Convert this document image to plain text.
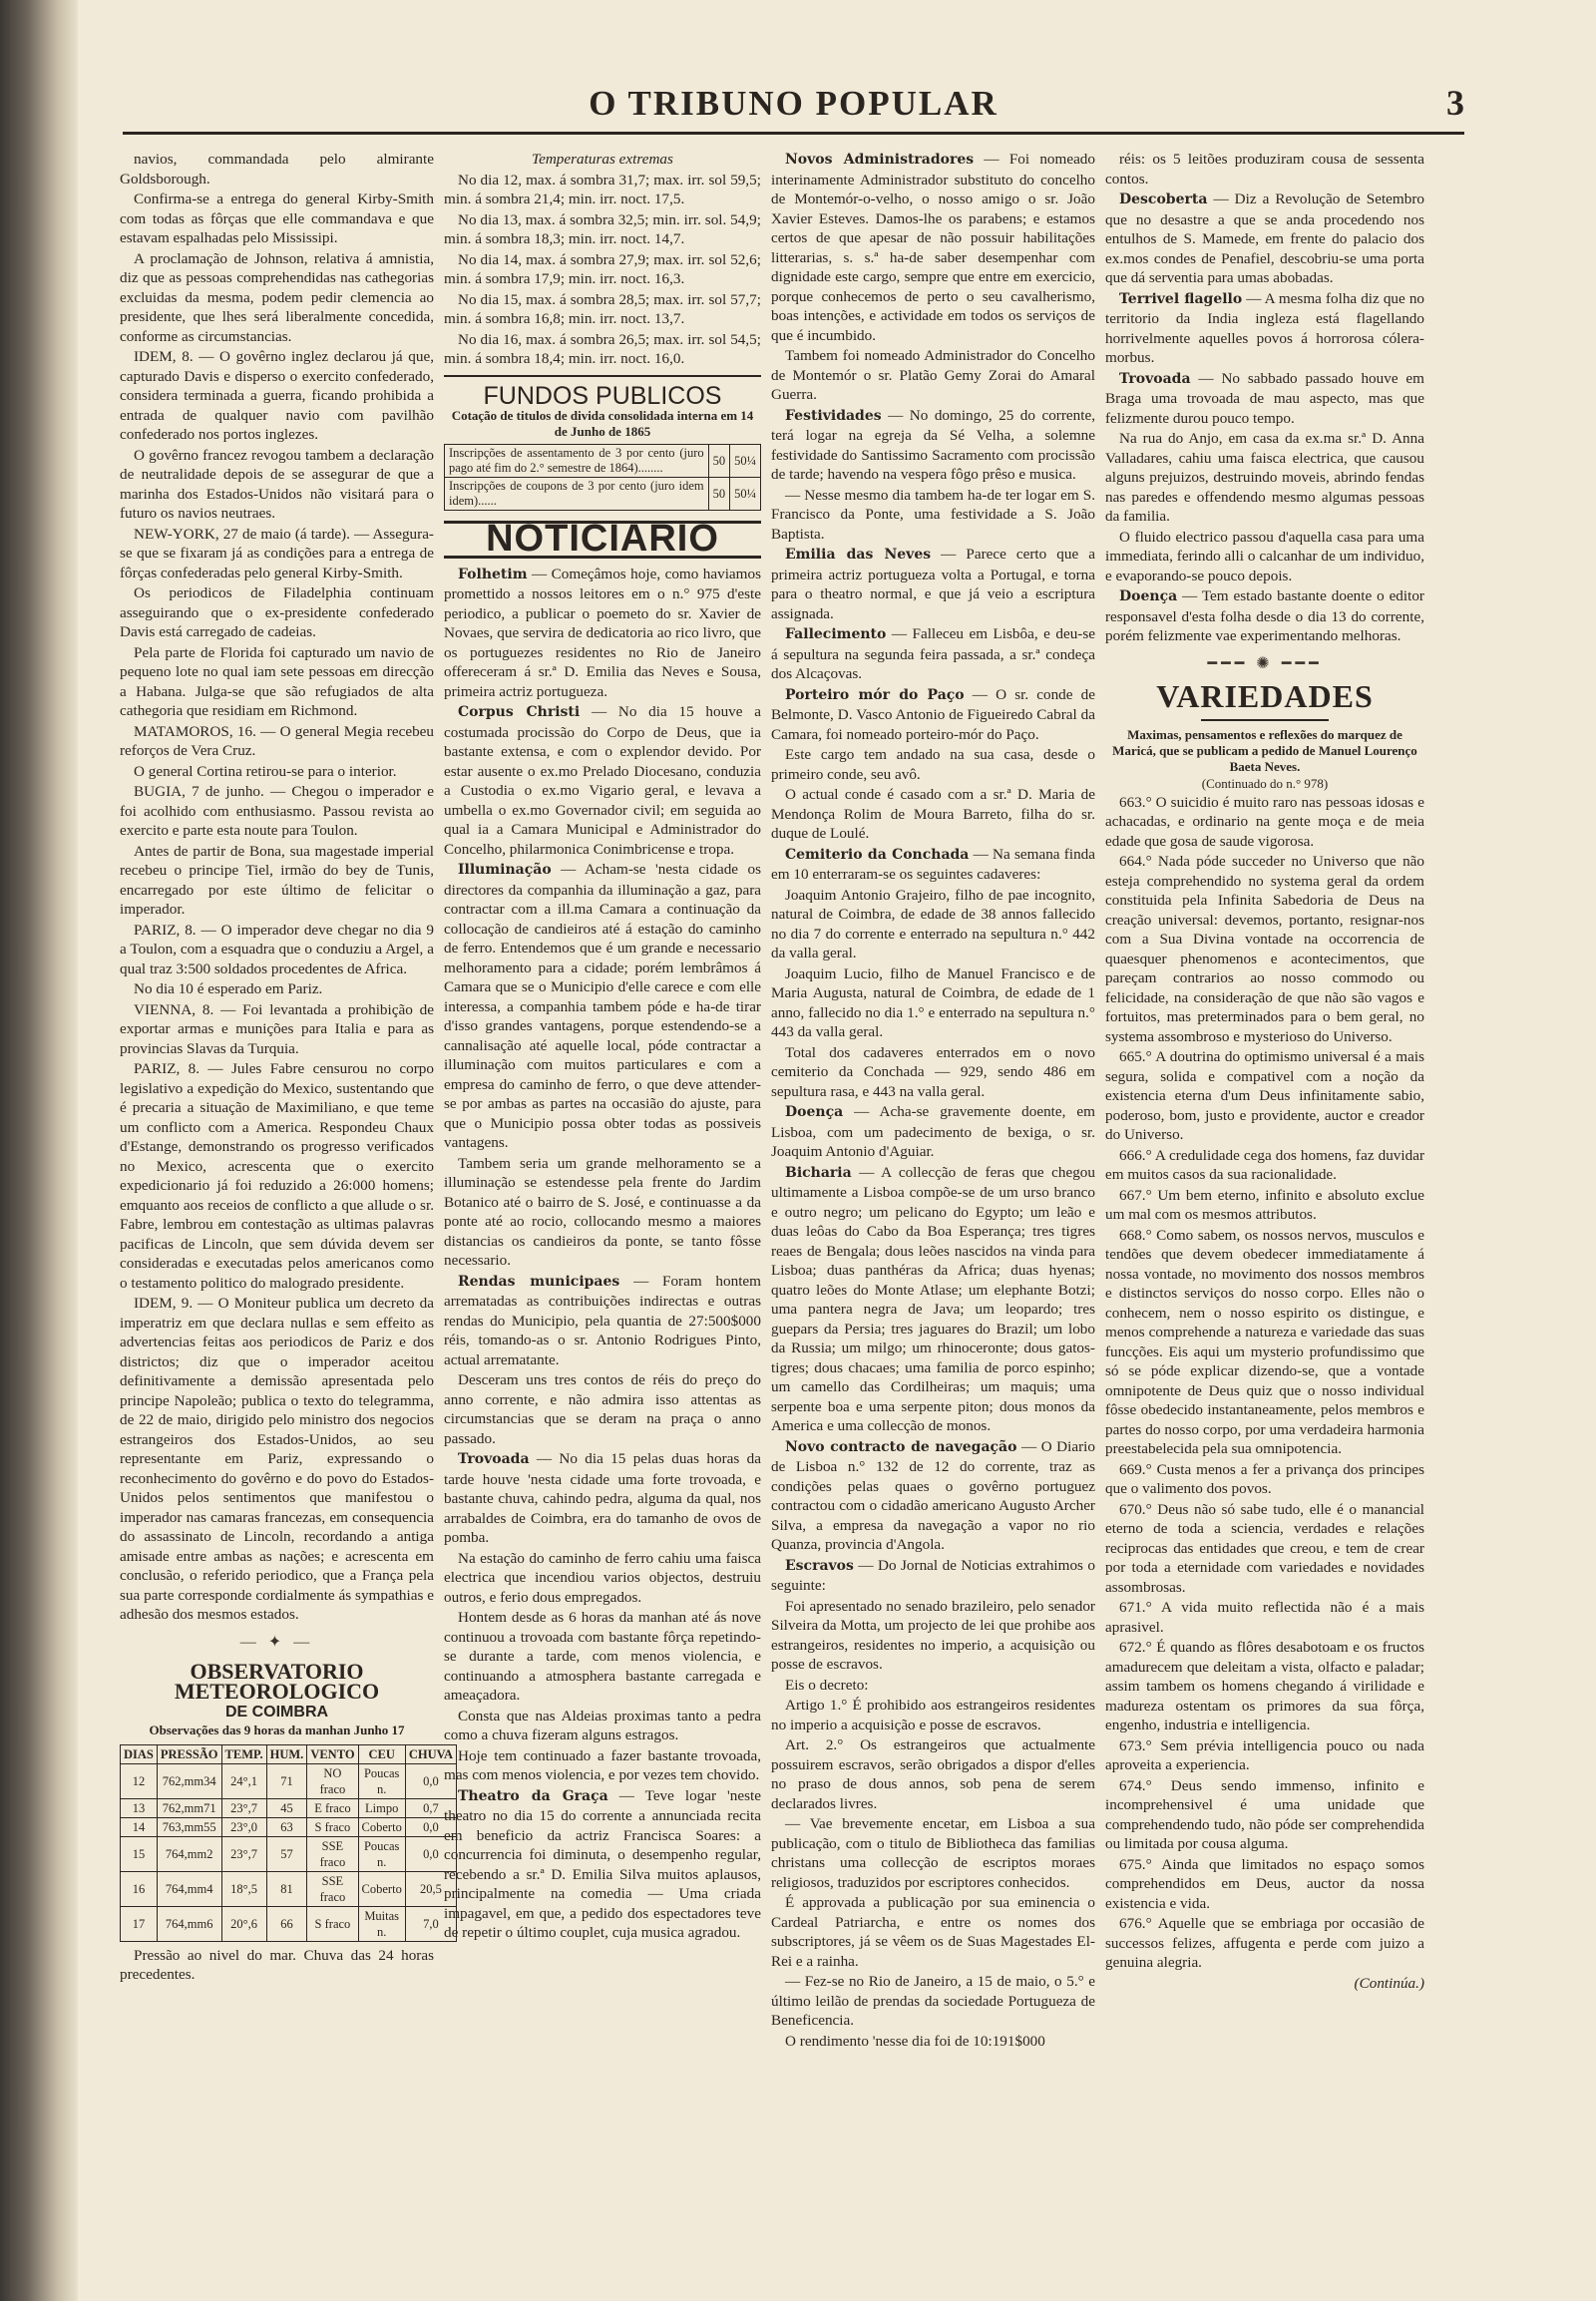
O TRIBUNO POPULAR	3

navios, commandada pelo almirante Goldsborough.

Confirma-se a entrega do general Kirby-Smith com todas as fôrças que elle commandava e que estavam espalhadas pelo Mississipi.

A proclamação de Johnson, relativa á amnistia, diz que as pessoas comprehendidas nas cathegorias excluidas da mesma, podem pedir clemencia ao presidente, que lhes será liberalmente concedida, conforme as circumstancias.

IDEM, 8. — O govêrno inglez declarou já que, capturado Davis e disperso o exercito confederado, considera terminada a guerra, ficando prohibida a entrada de qualquer navio com pavilhão confederado nos portos inglezes.

O govêrno francez revogou tambem a declaração de neutralidade depois de se assegurar de que a marinha dos Estados-Unidos não visitará para o futuro os navios neutraes.

NEW-YORK, 27 de maio (á tarde). — Assegura-se que se fixaram já as condições para a entrega de fôrças confederadas pelo general Kirby-Smith.

Os periodicos de Filadelphia continuam asseguirando que o ex-presidente confederado Davis está carregado de cadeias.

Pela parte de Florida foi capturado um navio de pequeno lote no qual iam sete pessoas em direcção a Habana. Julga-se que são refugiados de alta cathegoria que residiam em Richmond.

MATAMOROS, 16. — O general Megia recebeu reforços de Vera Cruz.

O general Cortina retirou-se para o interior.

BUGIA, 7 de junho. — Chegou o imperador e foi acolhido com enthusiasmo. Passou revista ao exercito e parte esta noute para Toulon.

Antes de partir de Bona, sua magestade imperial recebeu o principe Tiel, irmão do bey de Tunis, encarregado por este último de felicitar o imperador.

PARIZ, 8. — O imperador deve chegar no dia 9 a Toulon, com a esquadra que o conduziu a Argel, a qual traz 3:500 soldados procedentes de Africa.

No dia 10 é esperado em Pariz.

VIENNA, 8. — Foi levantada a prohibição de exportar armas e munições para Italia e para as provincias Slavas da Turquia.

PARIZ, 8. — Jules Fabre censurou no corpo legislativo a expedição do Mexico, sustentando que é precaria a situação de Maximiliano, e que teme um conflicto com a America. Respondeu Chaux d'Estange, demonstrando os progresso verificados no Mexico, acrescenta que o exercito expedicionario já foi reduzido a 26:000 homens; emquanto aos receios de conflicto a que allude o sr. Fabre, lembrou em contestação as ultimas palavras pacificas de Lincoln, que sem dúvida devem ser consideradas e executadas pelos americanos como o testamento politico do malogrado presidente.

IDEM, 9. — O Moniteur publica um decreto da imperatriz em que declara nullas e sem effeito as advertencias feitas aos periodicos de Pariz e dos districtos; diz que o imperador aceitou definitivamente a demissão apresentada pelo principe Napoleão; publica o texto do telegramma, de 22 de maio, dirigido pelo ministro dos negocios estrangeiros dos Estados-Unidos, ao seu representante em Pariz, expressando o reconhecimento do govêrno e do povo do Estados-Unidos pelos sentimentos que manifestou o imperador nas camaras francezas, em consequencia do assassinato de Lincoln, recordando a antiga amisade entre ambas as nações; e acrescenta em conclusão, o referido periodico, que a França pela sua parte corresponde cordialmente ás sympathias e adhesão dos mesmos estados.

— ✦ —
OBSERVATORIO METEOROLOGICO
DE COIMBRA
Observações das 9 horas da manhan Junho 17
DIAS	PRESSÃO	TEMP.	HUM.	VENTO	CEU	CHUVA
12	762,mm34	24°,1	71	NO fraco	Poucas n.	0,0
13	762,mm71	23°,7	45	E fraco	Limpo	0,7
14	763,mm55	23°,0	63	S fraco	Coberto	0,0
15	764,mm2	23°,7	57	SSE fraco	Poucas n.	0,0
16	764,mm4	18°,5	81	SSE fraco	Coberto	20,5
17	764,mm6	20°,6	66	S fraco	Muitas n.	7,0

Pressão ao nivel do mar. Chuva das 24 horas precedentes.

Temperaturas extremas

No dia 12, max. á sombra 31,7; max. irr. sol 59,5; min. á sombra 21,4; min. irr. noct. 17,5.

No dia 13, max. á sombra 32,5; min. irr. sol. 54,9; min. á sombra 18,3; min. irr. noct. 14,7.

No dia 14, max. á sombra 27,9; max. irr. sol 52,6; min. á sombra 17,9; min. irr. noct. 16,3.

No dia 15, max. á sombra 28,5; max. irr. sol 57,7; min. á sombra 16,8; min. irr. noct. 13,7.

No dia 16, max. á sombra 26,5; max. irr. sol 54,5; min. á sombra 18,4; min. irr. noct. 16,0.

FUNDOS PUBLICOS

Cotação de titulos de divida consolidada interna em 14 de Junho de 1865

Inscripções de assentamento de 3 por cento (juro pago até fim do 2.° semestre de 1864)........	50	50¼
Inscripções de coupons de 3 por cento (juro idem idem)......	50	50¼
NOTICIARIO

Folhetim — Começâmos hoje, como haviamos promettido a nossos leitores em o n.° 975 d'este periodico, a publicar o poemeto do sr. Xavier de Novaes, que servira de dedicatoria ao rico livro, que os portuguezes residentes no Rio de Janeiro offereceram á sr.ª D. Emilia das Neves e Sousa, primeira actriz portugueza.

Corpus Christi — No dia 15 houve a costumada procissão do Corpo de Deus, que ia bastante extensa, e com o explendor devido. Por estar ausente o ex.mo Prelado Diocesano, conduzia a Custodia o ex.mo Vigario geral, e levava a umbella o ex.mo Governador civil; em seguida ao qual ia a Camara Municipal e Administrador do Concelho, philarmonica Conimbricense e tropa.

Illuminação — Acham-se 'nesta cidade os directores da companhia da illuminação a gaz, para contractar com a ill.ma Camara a continuação da collocação de candieiros até á estação do caminho de ferro. Entendemos que é um grande e necessario melhoramento para a cidade; porém lembrâmos á Camara que se o Municipio d'elle carece e com elle interessa, a companhia tambem póde e ha-de tirar d'isso grandes vantagens, porque estendendo-se a cannalisação até aquelle local, póde contractar a illuminação com muitos particulares e com a empresa do caminho de ferro, o que deve attender-se por ambas as partes na occasião do ajuste, para que o Municipio possa obter todas as possiveis vantagens.

Tambem seria um grande melhoramento se a illuminação se estendesse pela frente do Jardim Botanico até o bairro de S. José, e continuasse a da ponte até ao rocio, collocando mesmo a maiores distancias os candieiros da ponte, se tanto fôsse necessario.

Rendas municipaes — Foram hontem arrematadas as contribuições indirectas e outras rendas do Municipio, pela quantia de 27:500$000 réis, tomando-as o sr. Antonio Rodrigues Pinto, actual arrematante.

Desceram uns tres contos de réis do preço do anno corrente, e não admira isso attentas as circumstancias que se deram na praça o anno passado.

Trovoada — No dia 15 pelas duas horas da tarde houve 'nesta cidade uma forte trovoada, e bastante chuva, cahindo pedra, alguma da qual, nos arrabaldes de Coimbra, era do tamanho de ovos de pomba.

Na estação do caminho de ferro cahiu uma faisca electrica que incendiou varios objectos, destruiu outros, e ferio dous empregados.

Hontem desde as 6 horas da manhan até ás nove continuou a trovoada com bastante fôrça repetindo-se durante a tarde, com menos violencia, e continuando a atmosphera bastante carregada e ameaçadora.

Consta que nas Aldeias proximas tanto a pedra como a chuva fizeram alguns estragos.

Hoje tem continuado a fazer bastante trovoada, mas com menos violencia, e por vezes tem chovido.

Theatro da Graça — Teve logar 'neste theatro no dia 15 do corrente a annunciada recita em beneficio da actriz Francisca Soares: a concurrencia foi diminuta, o desempenho regular, recebendo a sr.ª D. Emilia Silva muitos aplausos, principalmente na comedia — Uma criada impagavel, em que, a pedido dos espectadores teve de repetir o último couplet, cuja musica agradou.

Novos Administradores — Foi nomeado interinamente Administrador substituto do concelho de Montemór-o-velho, o nosso amigo o sr. João Xavier Esteves. Damos-lhe os parabens; e estamos certos de que apesar de não possuir habilitações litterarias, s. s.ª ha-de saber desempenhar com dignidade este cargo, sempre que entre em exercicio, porque conhecemos de perto o seu cavalherismo, boas intenções, e actividade em todos os serviços de que é incumbido.

Tambem foi nomeado Administrador do Concelho de Montemór o sr. Platão Gemy Zorai do Amaral Guerra.

Festividades — No domingo, 25 do corrente, terá logar na egreja da Sé Velha, a solemne festividade do Santissimo Sacramento com procissão de tarde; havendo na vespera fôgo prêso e musica.

— Nesse mesmo dia tambem ha-de ter logar em S. Francisco da Ponte, uma festividade a S. João Baptista.

Emilia das Neves — Parece certo que a primeira actriz portugueza volta a Portugal, e torna para o theatro normal, e que já veio a escriptura assignada.

Fallecimento — Falleceu em Lisbôa, e deu-se á sepultura na segunda feira passada, a sr.ª condeça dos Alcaçovas.

Porteiro mór do Paço — O sr. conde de Belmonte, D. Vasco Antonio de Figueiredo Cabral da Camara, foi nomeado porteiro-mór do Paço.

Este cargo tem andado na sua casa, desde o primeiro conde, seu avô.

O actual conde é casado com a sr.ª D. Maria de Mendonça Rolim de Moura Barreto, filha do sr. duque de Loulé.

Cemiterio da Conchada — Na semana finda em 10 enterraram-se os seguintes cadaveres:

Joaquim Antonio Grajeiro, filho de pae incognito, natural de Coimbra, de edade de 38 annos fallecido no dia 7 do corrente e enterrado na sepultura n.° 442 da valla geral.

Joaquim Lucio, filho de Manuel Francisco e de Maria Augusta, natural de Coimbra, de edade de 1 anno, fallecido no dia 1.° e enterrado na sepultura n.° 443 da valla geral.

Total dos cadaveres enterrados em o novo cemiterio da Conchada — 929, sendo 486 em sepultura rasa, e 443 na valla geral.

Doença — Acha-se gravemente doente, em Lisboa, com um padecimento de bexiga, o sr. Joaquim Antonio d'Aguiar.

Bicharia — A collecção de feras que chegou ultimamente a Lisboa compõe-se de um urso branco e outro negro; um pelicano do Egypto; um leão e duas leôas do Cabo da Boa Esperança; tres tigres reaes de Bengala; dous leões nascidos na vinda para Lisboa; duas panthéras da Africa; duas hyenas; quatro leões do Monte Atlase; um elephante Botzi; uma pantera negra de Java; um leopardo; tres guepars da Persia; tres jaguares do Brazil; um lobo da Russia; um milgo; um rhinoceronte; dous gatos-tigres; dous chacaes; uma familia de porco espinho; um camello das Cordilheiras; um maquis; uma serpente boa e uma serpente piton; dous monos da America e uma collecção de monos.

Novo contracto de navegação — O Diario de Lisboa n.° 132 de 12 do corrente, traz as condições pelas quaes o govêrno portuguez contractou com o cidadão americano Augusto Archer Silva, a empresa da navegação a vapor no rio Quanza, provincia d'Angola.

Escravos — Do Jornal de Noticias extrahimos o seguinte:

Foi apresentado no senado brazileiro, pelo senador Silveira da Motta, um projecto de lei que prohibe aos estrangeiros, residentes no imperio, a acquisição ou posse de escravos.

Eis o decreto:

Artigo 1.° É prohibido aos estrangeiros residentes no imperio a acquisição e posse de escravos.

Art. 2.° Os estrangeiros que actualmente possuirem escravos, serão obrigados a dispor d'elles no praso de dous annos, sob pena de serem declarados livres.

— Vae brevemente encetar, em Lisboa a sua publicação, com o titulo de Bibliotheca das familias christans uma collecção de escriptos moraes religiosos, traduzidos por escriptores conhecidos.

É approvada a publicação por sua eminencia o Cardeal Patriarcha, e entre os nomes dos subscriptores, já se vêem os de Suas Magestades El-Rei e a rainha.

— Fez-se no Rio de Janeiro, a 15 de maio, o 5.° e último leilão de prendas da sociedade Portugueza de Beneficencia.

O rendimento 'nesse dia foi de 10:191$000

réis: os 5 leitões produziram cousa de sessenta contos.

Descoberta — Diz a Revolução de Setembro que no desastre a que se anda procedendo nos entulhos de S. Mamede, em frente do palacio dos ex.mos condes de Penafiel, descobriu-se uma porta que dá serventia para umas abobadas.

Terrivel flagello — A mesma folha diz que no territorio da India ingleza está flagellando horrivelmente aquelles povos á horrorosa cólera-morbus.

Trovoada — No sabbado passado houve em Braga uma trovoada de mau aspecto, mas que felizmente durou pouco tempo.

Na rua do Anjo, em casa da ex.ma sr.ª D. Anna Valladares, cahiu uma faisca electrica, que causou alguns prejuizos, destruindo moveis, abrindo fendas nas paredes e offendendo mesmo algumas pessoas da familia.

O fluido electrico passou d'aquella casa para uma immediata, ferindo alli o calcanhar de um individuo, e evaporando-se pouco depois.

Doença — Tem estado bastante doente o editor responsavel d'esta folha desde o dia 13 do corrente, porém felizmente vae experimentando melhoras.

━━━ ✺ ━━━
VARIEDADES

Maximas, pensamentos e reflexões do marquez de Maricá, que se publicam a pedido de Manuel Lourenço Baeta Neves.

(Continuado do n.° 978)

663.° O suicidio é muito raro nas pessoas idosas e achacadas, e ordinario na gente moça e de meia edade que gosa de saude vigorosa.

664.° Nada póde succeder no Universo que não esteja comprehendido no systema geral da ordem constituida pela Infinita Sabedoria de Deus na creação universal: devemos, portanto, resignar-nos com a Sua Divina vontade na occorrencia de quaesquer phenomenos e acontecimentos, que pareçam contrarios ao nosso commodo ou felicidade, na consideração de que não são vagos e fortuitos, mas preterminados para o bem geral, no systema assombroso e mysterioso do Universo.

665.° A doutrina do optimismo universal é a mais segura, solida e compativel com a noção da existencia eterna d'um Deus infinitamente sabio, poderoso, bom, justo e providente, auctor e creador do Universo.

666.° A credulidade cega dos homens, faz duvidar em muitos casos da sua racionalidade.

667.° Um bem eterno, infinito e absoluto exclue um mal com os mesmos attributos.

668.° Como sabem, os nossos nervos, musculos e tendões que devem obedecer immediatamente á nossa vontade, no movimento dos nossos membros e distinctos serviços do nosso corpo. Elles não o conhecem, nem o nosso espirito os distingue, e menos comprehende a natureza e variedade das suas funcções. Eis aqui um mysterio profundissimo que só se póde explicar dizendo-se, que a vontade omnipotente de Deus quiz que o nosso individual fôsse obedecido instantaneamente, pelos membros e partes do nosso corpo, por uma verdadeira harmonia preestabelecida pela sua omnipotencia.

669.° Custa menos a fer a privança dos principes que o valimento dos povos.

670.° Deus não só sabe tudo, elle é o manancial eterno de toda a sciencia, verdades e relações reciprocas das entidades que creou, e tem de crear por toda a eternidade com variedades e novidades assombrosas.

671.° A vida muito reflectida não é a mais aprasivel.

672.° É quando as flôres desabotoam e os fructos amadurecem que deleitam a vista, olfacto e paladar; assim tambem os homens chegando á virilidade e madureza ostentam os primores da sua fôrça, engenho, industria e intelligencia.

673.° Sem prévia intelligencia pouco ou nada aproveita a experiencia.

674.° Deus sendo immenso, infinito e incomprehensivel é uma unidade que comprehendendo tudo, não póde ser comprehendida ou limitada por cousa alguma.

675.° Ainda que limitados no espaço somos comprehendidos em Deus, auctor da nossa existencia e vida.

676.° Aquelle que se embriaga por occasião de successos felizes, affugenta e perde com juizo a genuina alegria.

(Continúa.)
